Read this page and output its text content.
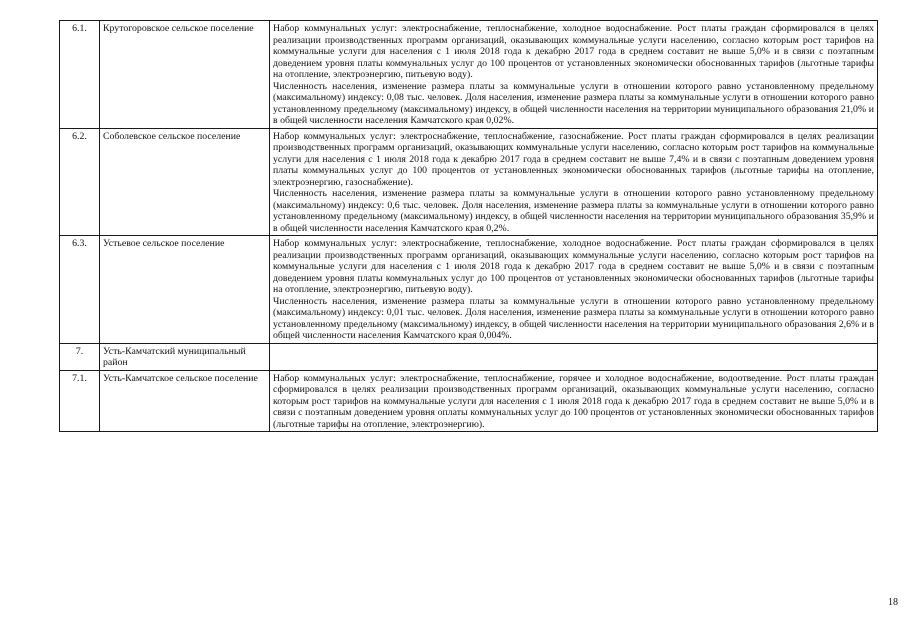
6.1.	Крутогоровское сельское поселение	Набор коммунальных услуг: электроснабжение, теплоснабжение, холодное водоснабжение. Рост платы граждан сформировался в целях реализации производственных программ организаций, оказывающих коммунальные услуги населению, согласно которым рост тарифов на коммунальные услуги для населения с 1 июля 2018 года к декабрю 2017 года в среднем составит не выше 5,0% и в связи с поэтапным доведением уровня платы коммунальных услуг до 100 процентов от установленных экономически обоснованных тарифов (льготные тарифы на отопление, электроэнергию, питьевую воду).
Численность населения, изменение размера платы за коммунальные услуги в отношении которого равно установленному предельному (максимальному) индексу: 0,08 тыс. человек. Доля населения, изменение размера платы за коммунальные услуги в отношении которого равно установленному предельному (максимальному) индексу, в общей численности населения на территории муниципального образования 21,0% и в общей численности населения Камчатского края 0,02%.

6.2.	Соболевское сельское поселение	Набор коммунальных услуг: электроснабжение, теплоснабжение, газоснабжение. Рост платы граждан сформировался в целях реализации производственных программ организаций, оказывающих коммунальные услуги населению, согласно которым рост тарифов на коммунальные услуги для населения с 1 июля 2018 года к декабрю 2017 года в среднем составит не выше 7,4% и в связи с поэтапным доведением уровня платы коммунальных услуг до 100 процентов от установленных экономически обоснованных тарифов (льготные тарифы на отопление, электроэнергию, газоснабжение).
Численность населения, изменение размера платы за коммунальные услуги в отношении которого равно установленному предельному (максимальному) индексу: 0,6 тыс. человек. Доля населения, изменение размера платы за коммунальные услуги в отношении которого равно установленному предельному (максимальному) индексу, в общей численности населения на территории муниципального образования 35,9% и в общей численности населения Камчатского края 0,2%.

6.3.	Устьевое сельское поселение	Набор коммунальных услуг: электроснабжение, теплоснабжение, холодное водоснабжение. Рост платы граждан сформировался в целях реализации производственных программ организаций, оказывающих коммунальные услуги населению, согласно которым рост тарифов на коммунальные услуги для населения с 1 июля 2018 года к декабрю 2017 года в среднем составит не выше 5,0% и в связи с поэтапным доведением уровня платы коммунальных услуг до 100 процентов от установленных экономически обоснованных тарифов (льготные тарифы на отопление, электроэнергию, питьевую воду).
Численность населения, изменение размера платы за коммунальные услуги в отношении которого равно установленному предельному (максимальному) индексу: 0,01 тыс. человек. Доля населения, изменение размера платы за коммунальные услуги в отношении которого равно установленному предельному (максимальному) индексу, в общей численности населения на территории муниципального образования 2,6% и в общей численности населения Камчатского края 0,004%.

7.	Усть-Камчатский муниципальный район	
7.1.	Усть-Камчатское сельское поселение	Набор коммунальных услуг: электроснабжение, теплоснабжение, горячее и холодное водоснабжение, водоотведение. Рост платы граждан сформировался в целях реализации производственных программ организаций, оказывающих коммунальные услуги населению, согласно которым рост тарифов на коммунальные услуги для населения с 1 июля 2018 года к декабрю 2017 года в среднем составит не выше 5,0% и в связи с поэтапным доведением уровня оплаты коммунальных услуг до 100 процентов от установленных экономически обоснованных тарифов (льготные тарифы на отопление, электроэнергию).
18
